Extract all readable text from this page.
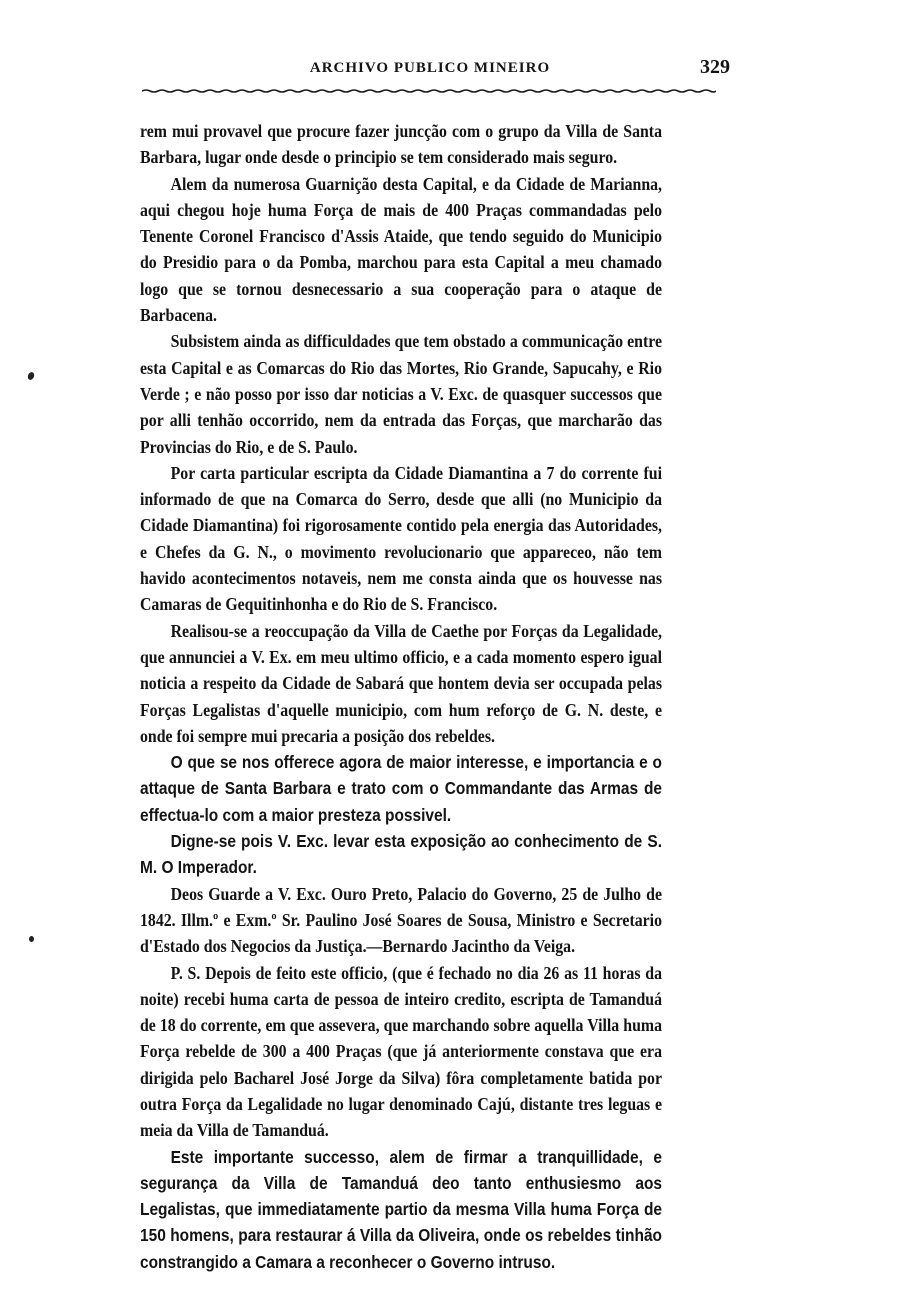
ARCHIVO PUBLICO MINEIRO	329

rem mui provavel que procure fazer juncção com o grupo da Villa de Santa Barbara, lugar onde desde o principio se tem considerado mais seguro.

Alem da numerosa Guarnição desta Capital, e da Cidade de Marianna, aqui chegou hoje huma Força de mais de 400 Praças commandadas pelo Tenente Coronel Francisco d'Assis Ataide, que tendo seguido do Municipio do Presidio para o da Pomba, marchou para esta Capital a meu chamado logo que se tornou desnecessario a sua cooperação para o ataque de Barbacena.

Subsistem ainda as difficuldades que tem obstado a communicação entre esta Capital e as Comarcas do Rio das Mortes, Rio Grande, Sapucahy, e Rio Verde ; e não posso por isso dar noticias a V. Exc. de quasquer successos que por alli tenhão occorrido, nem da entrada das Forças, que marcharão das Provincias do Rio, e de S. Paulo.

Por carta particular escripta da Cidade Diamantina a 7 do corrente fui informado de que na Comarca do Serro, desde que alli (no Municipio da Cidade Diamantina) foi rigorosamente contido pela energia das Autoridades, e Chefes da G. N., o movimento revolucionario que appareceo, não tem havido acontecimentos notaveis, nem me consta ainda que os houvesse nas Camaras de Gequitinhonha e do Rio de S. Francisco.

Realisou-se a reoccupação da Villa de Caethe por Forças da Legalidade, que annunciei a V. Ex. em meu ultimo officio, e a cada momento espero igual noticia a respeito da Cidade de Sabará que hontem devia ser occupada pelas Forças Legalistas d'aquelle municipio, com hum reforço de G. N. deste, e onde foi sempre mui precaria a posição dos rebeldes.

O que se nos offerece agora de maior interesse, e importancia e o attaque de Santa Barbara e trato com o Commandante das Armas de effectua-lo com a maior presteza possivel.

Digne-se pois V. Exc. levar esta exposição ao conhecimento de S. M. O Imperador.

Deos Guarde a V. Exc. Ouro Preto, Palacio do Governo, 25 de Julho de 1842. Illm.º e Exm.º Sr. Paulino José Soares de Sousa, Ministro e Secretario d'Estado dos Negocios da Justiça.—Bernardo Jacintho da Veiga.

P. S. Depois de feito este officio, (que é fechado no dia 26 as 11 horas da noite) recebi huma carta de pessoa de inteiro credito, escripta de Tamanduá de 18 do corrente, em que assevera, que marchando sobre aquella Villa huma Força rebelde de 300 a 400 Praças (que já anteriormente constava que era dirigida pelo Bacharel José Jorge da Silva) fôra completamente batida por outra Força da Legalidade no lugar denominado Cajú, distante tres leguas e meia da Villa de Tamanduá.

Este importante successo, alem de firmar a tranquillidade, e segurança da Villa de Tamanduá deo tanto enthusiesmo aos Legalistas, que immediatamente partio da mesma Villa huma Força de 150 homens, para restaurar á Villa da Oliveira, onde os rebeldes tinhão constrangido a Camara a reconhecer o Governo intruso.
